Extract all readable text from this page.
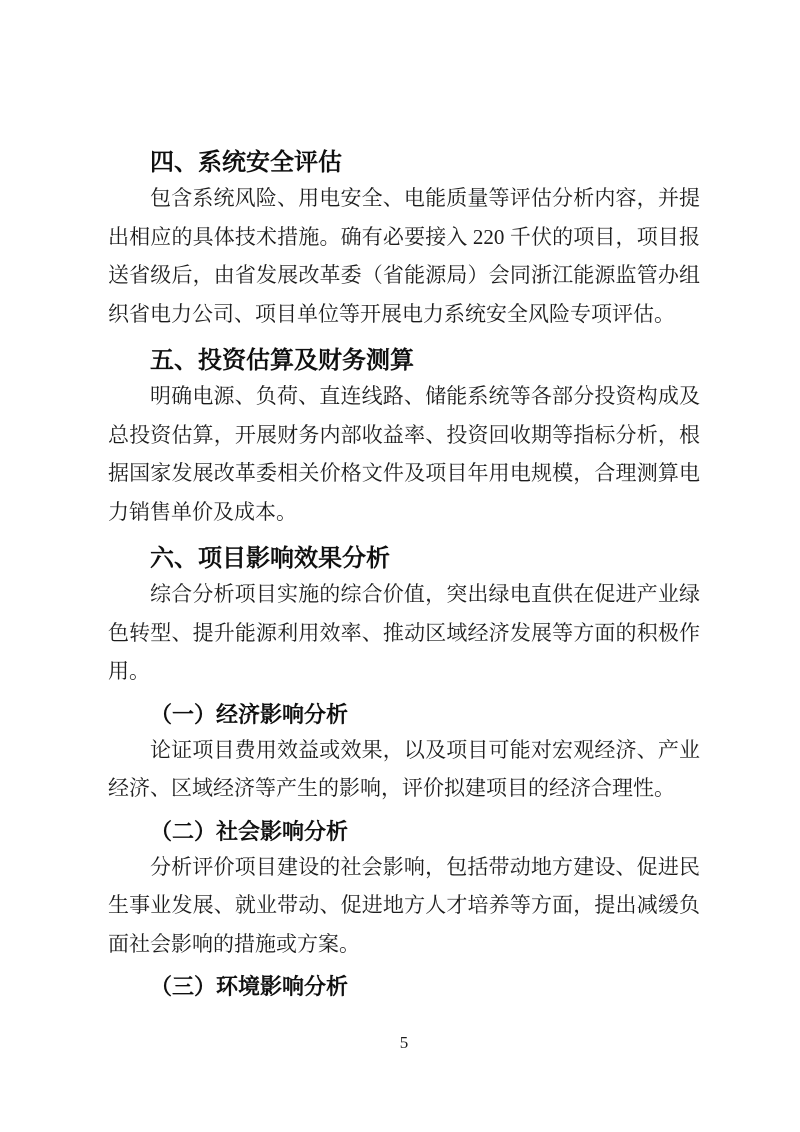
四、系统安全评估
包含系统风险、用电安全、电能质量等评估分析内容，并提
出相应的具体技术措施。确有必要接入 220 千伏的项目，项目报
送省级后，由省发展改革委（省能源局）会同浙江能源监管办组
织省电力公司、项目单位等开展电力系统安全风险专项评估。
五、投资估算及财务测算
明确电源、负荷、直连线路、储能系统等各部分投资构成及
总投资估算，开展财务内部收益率、投资回收期等指标分析，根
据国家发展改革委相关价格文件及项目年用电规模，合理测算电
力销售单价及成本。
六、项目影响效果分析
综合分析项目实施的综合价值，突出绿电直供在促进产业绿
色转型、提升能源利用效率、推动区域经济发展等方面的积极作
用。
（一）经济影响分析
论证项目费用效益或效果，以及项目可能对宏观经济、产业
经济、区域经济等产生的影响，评价拟建项目的经济合理性。
（二）社会影响分析
分析评价项目建设的社会影响，包括带动地方建设、促进民
生事业发展、就业带动、促进地方人才培养等方面，提出减缓负
面社会影响的措施或方案。
（三）环境影响分析
5
